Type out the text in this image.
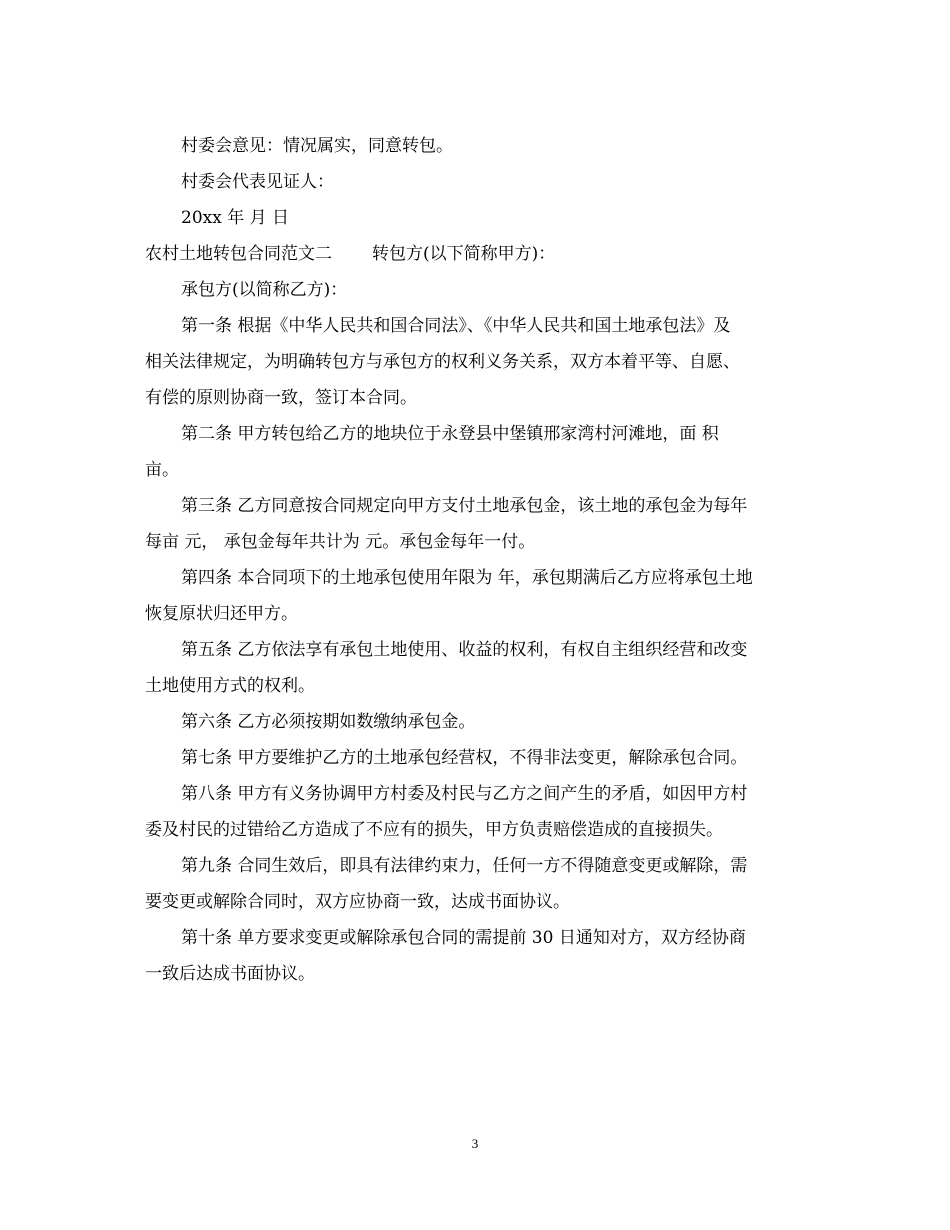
村委会意见：情况属实，同意转包。
村委会代表见证人：
20xx 年 月 日
农村土地转包合同范文二 转包方(以下简称甲方)：
承包方(以简称乙方)：
第一条 根据《中华人民共和国合同法》、《中华人民共和国土地承包法》及
相关法律规定，为明确转包方与承包方的权利义务关系，双方本着平等、自愿、
有偿的原则协商一致，签订本合同。
第二条 甲方转包给乙方的地块位于永登县中堡镇邢家湾村河滩地，面 积
亩。
第三条 乙方同意按合同规定向甲方支付土地承包金，该土地的承包金为每年
每亩 元， 承包金每年共计为 元。承包金每年一付。
第四条 本合同项下的土地承包使用年限为 年，承包期满后乙方应将承包土地
恢复原状归还甲方。
第五条 乙方依法享有承包土地使用、收益的权利，有权自主组织经营和改变
土地使用方式的权利。
第六条 乙方必须按期如数缴纳承包金。
第七条 甲方要维护乙方的土地承包经营权，不得非法变更，解除承包合同。
第八条 甲方有义务协调甲方村委及村民与乙方之间产生的矛盾，如因甲方村
委及村民的过错给乙方造成了不应有的损失，甲方负责赔偿造成的直接损失。
第九条 合同生效后，即具有法律约束力，任何一方不得随意变更或解除，需
要变更或解除合同时，双方应协商一致，达成书面协议。
第十条 单方要求变更或解除承包合同的需提前 30 日通知对方，双方经协商
一致后达成书面协议。
3
